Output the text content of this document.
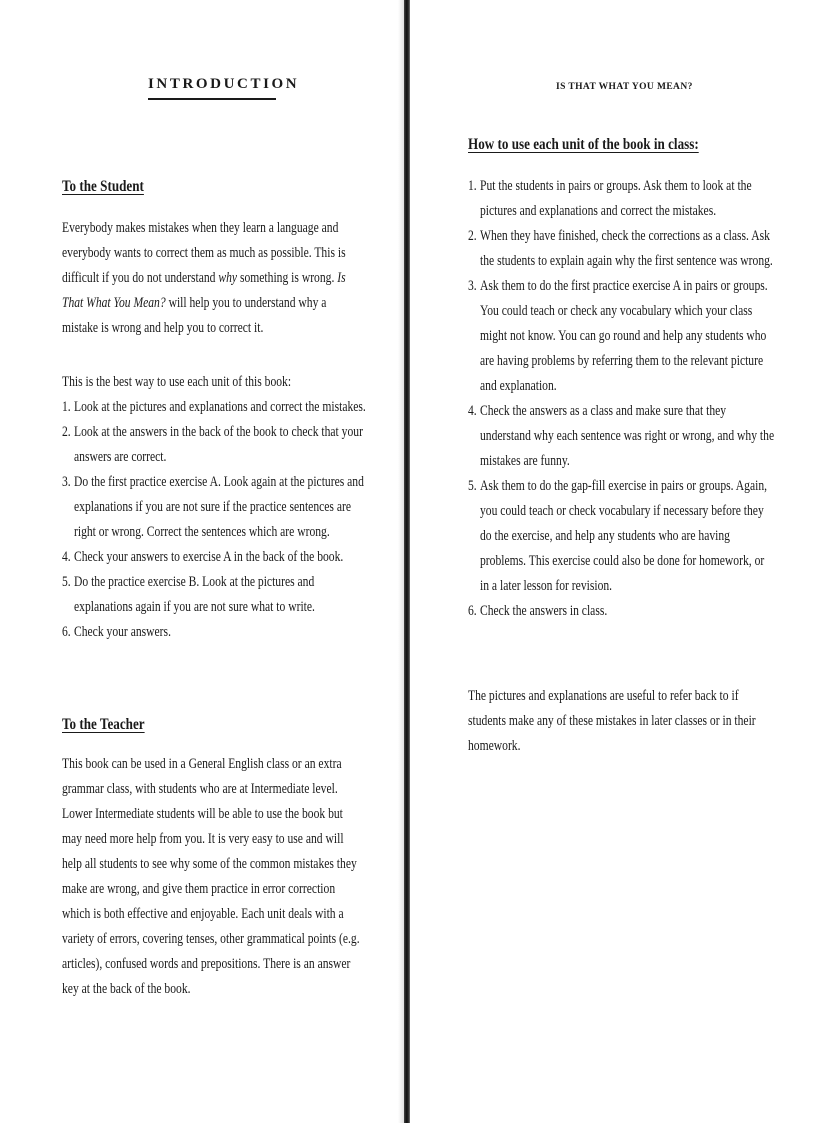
INTRODUCTION	IS THAT WHAT YOU MEAN?
To the Student

Everybody makes mistakes when they learn a language and everybody wants to correct them as much as possible. This is difficult if you do not understand why something is wrong. Is That What You Mean? will help you to understand why a mistake is wrong and help you to correct it.

This is the best way to use each unit of this book:

1. Look at the pictures and explanations and correct the mistakes.
2. Look at the answers in the back of the book to check that your answers are correct.
3. Do the first practice exercise A. Look again at the pictures and explanations if you are not sure if the practice sentences are right or wrong. Correct the sentences which are wrong.
4. Check your answers to exercise A in the back of the book.
5. Do the practice exercise B. Look at the pictures and explanations again if you are not sure what to write.
6. Check your answers.
To the Teacher

This book can be used in a General English class or an extra grammar class, with students who are at Intermediate level. Lower Intermediate students will be able to use the book but may need more help from you. It is very easy to use and will help all students to see why some of the common mistakes they make are wrong, and give them practice in error correction which is both effective and enjoyable. Each unit deals with a variety of errors, covering tenses, other grammatical points (e.g. articles), confused words and prepositions. There is an answer key at the back of the book.

How to use each unit of the book in class:
1. Put the students in pairs or groups. Ask them to look at the pictures and explanations and correct the mistakes.
2. When they have finished, check the corrections as a class. Ask the students to explain again why the first sentence was wrong.
3. Ask them to do the first practice exercise A in pairs or groups. You could teach or check any vocabulary which your class might not know. You can go round and help any students who are having problems by referring them to the relevant picture and explanation.
4. Check the answers as a class and make sure that they understand why each sentence was right or wrong, and why the mistakes are funny.
5. Ask them to do the gap-fill exercise in pairs or groups. Again, you could teach or check vocabulary if necessary before they do the exercise, and help any students who are having problems. This exercise could also be done for homework, or in a later lesson for revision.
6. Check the answers in class.

The pictures and explanations are useful to refer back to if students make any of these mistakes in later classes or in their homework.
